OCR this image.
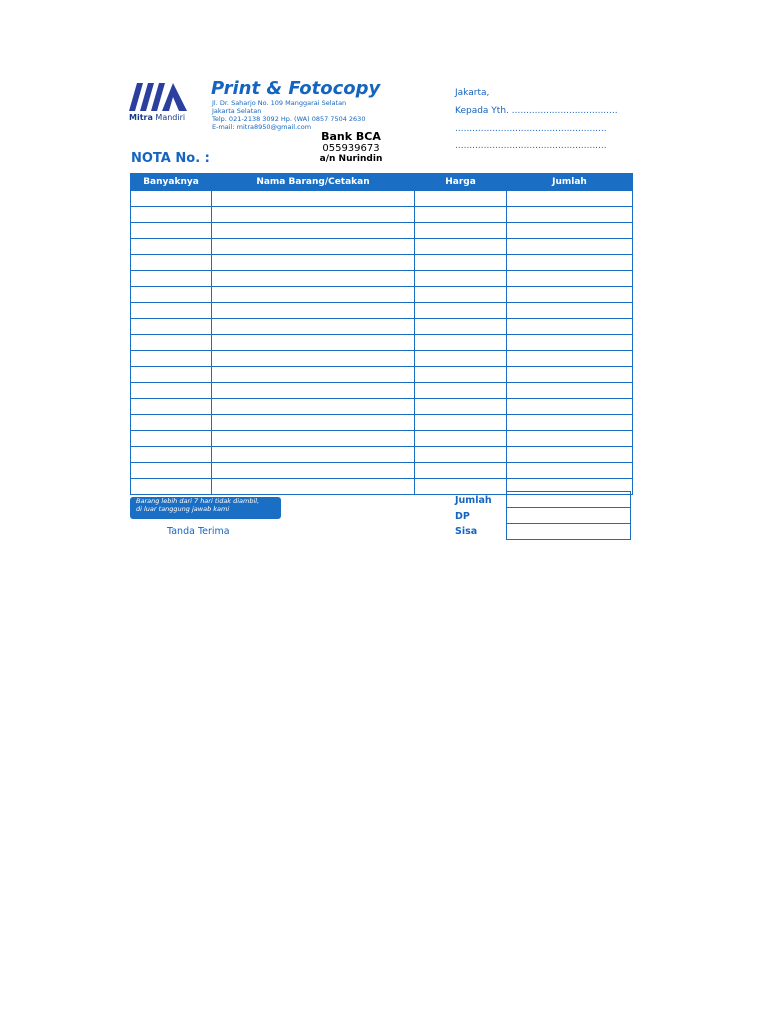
Mitra Mandiri
Print & Fotocopy
Jl. Dr. Saharjo No. 109 Manggarai Selatan
Jakarta Selatan
Telp. 021-2138 3092 Hp. (WA) 0857 7504 2630
E-mail: mitra8950@gmail.com
Bank BCA
055939673
a/n Nurindin
NOTA No. :
Jakarta,
Kepada Yth. .....................................
.....................................................
.....................................................
Banyaknya	Nama Barang/Cetakan	Harga	Jumlah

Barang lebih dari 7 hari tidak diambil,
di luar tanggung jawab kami
Tanda Terima
Jumlah
DP
Sisa
